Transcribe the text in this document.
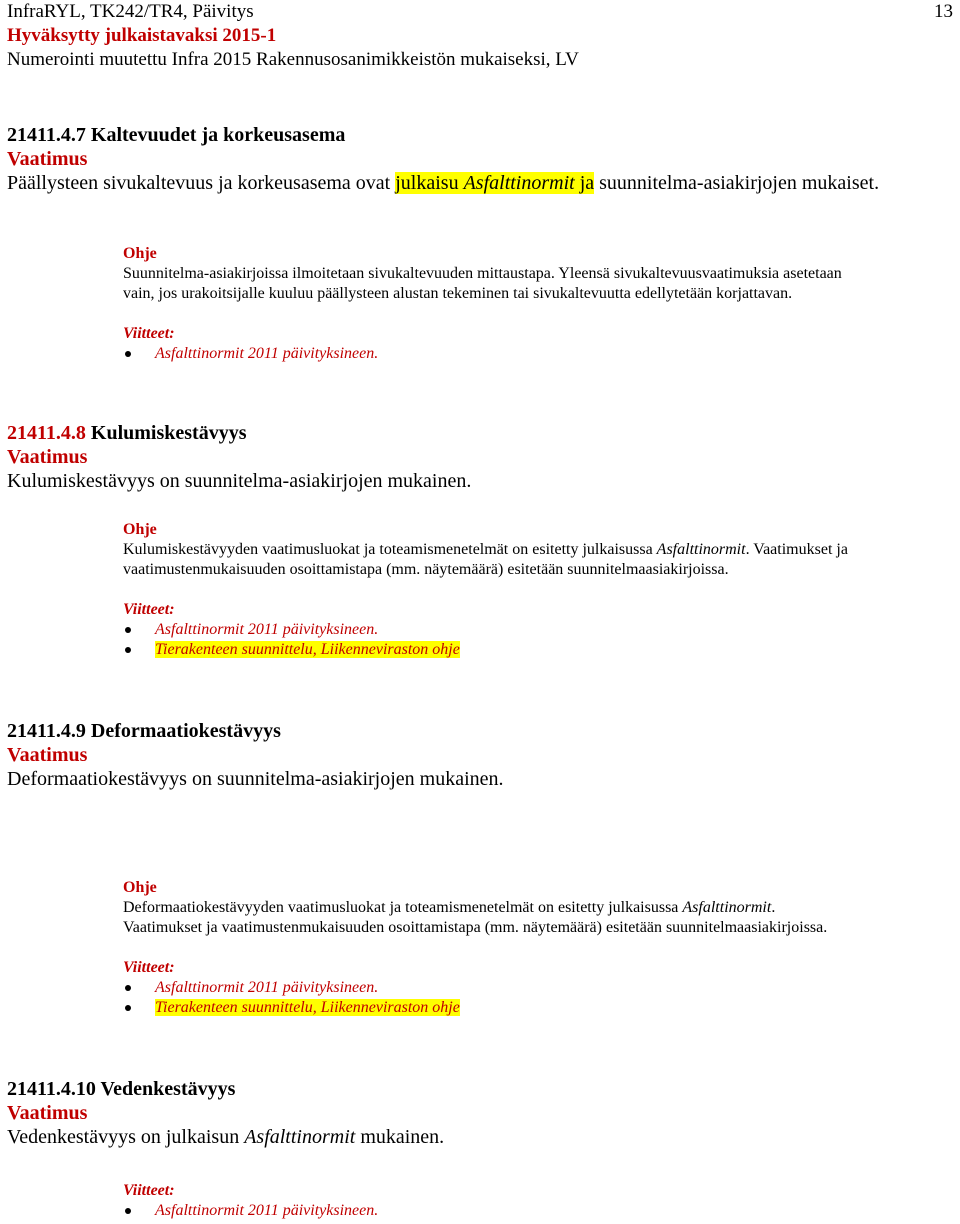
InfraRYL, TK242/TR4, Päivitys
Hyväksytty julkaistavaksi 2015-1
Numerointi muutettu Infra 2015 Rakennusosanimikkeistön mukaiseksi, LV
13
21411.4.7 Kaltevuudet ja korkeusasema
Vaatimus
Päällysteen sivukaltevuus ja korkeusasema ovat julkaisu Asfalttinormit ja suunnitelma-asiakirjojen mukaiset.
Ohje
Suunnitelma-asiakirjoissa ilmoitetaan sivukaltevuuden mittaustapa. Yleensä sivukaltevuusvaatimuksia asetetaan vain, jos urakoitsijalle kuuluu päällysteen alustan tekeminen tai sivukaltevuutta edellytetään korjattavan.
Viitteet:
Asfalttinormit 2011 päivityksineen.
21411.4.8 Kulumiskestävyys
Vaatimus
Kulumiskestävyys on suunnitelma-asiakirjojen mukainen.
Ohje
Kulumiskestävyyden vaatimusluokat ja toteamismenetelmät on esitetty julkaisussa Asfalttinormit. Vaatimukset ja vaatimustenmukaisuuden osoittamistapa (mm. näytemäärä) esitetään suunnitelmaasiakirjoissa.
Viitteet:
Asfalttinormit 2011 päivityksineen.
Tierakenteen suunnittelu, Liikenneviraston ohje
21411.4.9 Deformaatiokestävyys
Vaatimus
Deformaatiokestävyys on suunnitelma-asiakirjojen mukainen.
Ohje
Deformaatiokestävyyden vaatimusluokat ja toteamismenetelmät on esitetty julkaisussa Asfalttinormit. Vaatimukset ja vaatimustenmukaisuuden osoittamistapa (mm. näytemäärä) esitetään suunnitelmaasiakirjoissa.
Viitteet:
Asfalttinormit 2011 päivityksineen.
Tierakenteen suunnittelu, Liikenneviraston ohje
21411.4.10 Vedenkestävyys
Vaatimus
Vedenkestävyys on julkaisun Asfalttinormit mukainen.
Viitteet:
Asfalttinormit 2011 päivityksineen.
